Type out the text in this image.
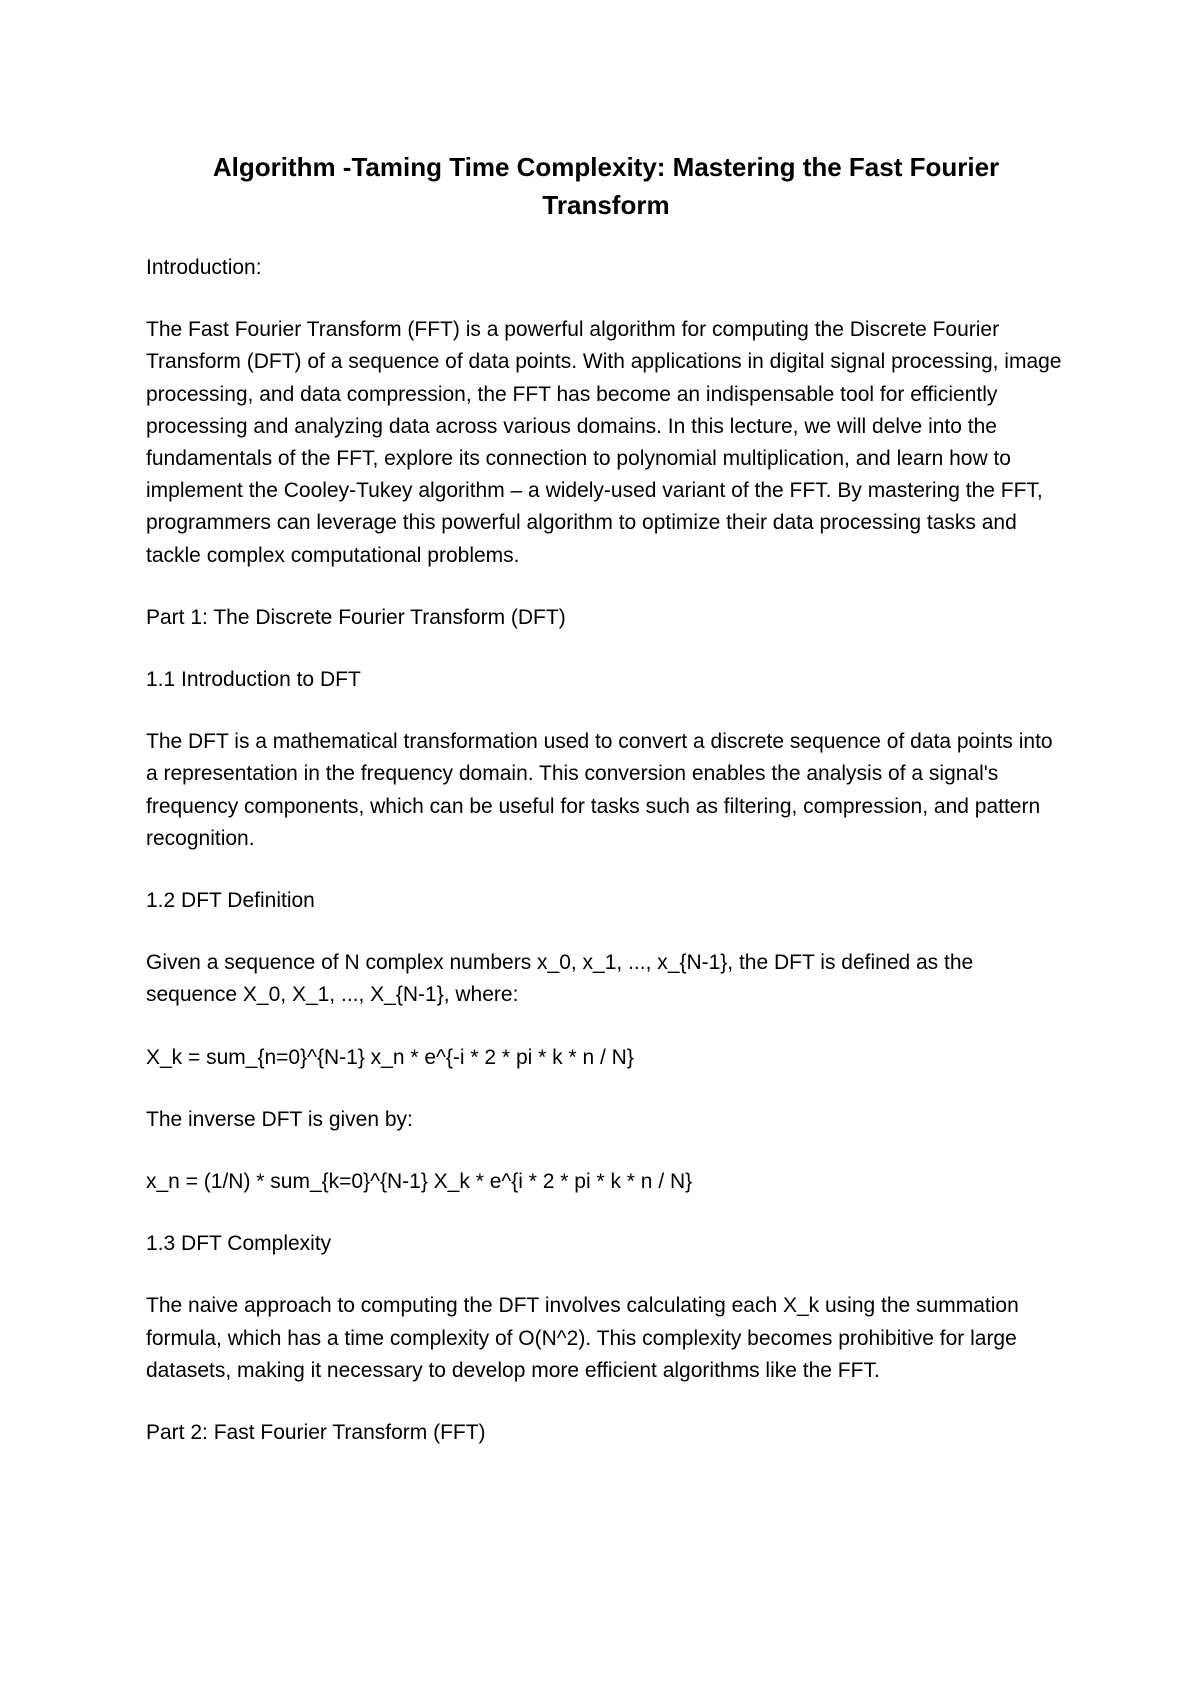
Algorithm -Taming Time Complexity: Mastering the Fast Fourier Transform
Introduction:
The Fast Fourier Transform (FFT) is a powerful algorithm for computing the Discrete Fourier Transform (DFT) of a sequence of data points. With applications in digital signal processing, image processing, and data compression, the FFT has become an indispensable tool for efficiently processing and analyzing data across various domains. In this lecture, we will delve into the fundamentals of the FFT, explore its connection to polynomial multiplication, and learn how to implement the Cooley-Tukey algorithm – a widely-used variant of the FFT. By mastering the FFT, programmers can leverage this powerful algorithm to optimize their data processing tasks and tackle complex computational problems.
Part 1: The Discrete Fourier Transform (DFT)
1.1 Introduction to DFT
The DFT is a mathematical transformation used to convert a discrete sequence of data points into a representation in the frequency domain. This conversion enables the analysis of a signal's frequency components, which can be useful for tasks such as filtering, compression, and pattern recognition.
1.2 DFT Definition
Given a sequence of N complex numbers x_0, x_1, ..., x_{N-1}, the DFT is defined as the sequence X_0, X_1, ..., X_{N-1}, where:
X_k = sum_{n=0}^{N-1} x_n * e^{-i * 2 * pi * k * n / N}
The inverse DFT is given by:
x_n = (1/N) * sum_{k=0}^{N-1} X_k * e^{i * 2 * pi * k * n / N}
1.3 DFT Complexity
The naive approach to computing the DFT involves calculating each X_k using the summation formula, which has a time complexity of O(N^2). This complexity becomes prohibitive for large datasets, making it necessary to develop more efficient algorithms like the FFT.
Part 2: Fast Fourier Transform (FFT)
